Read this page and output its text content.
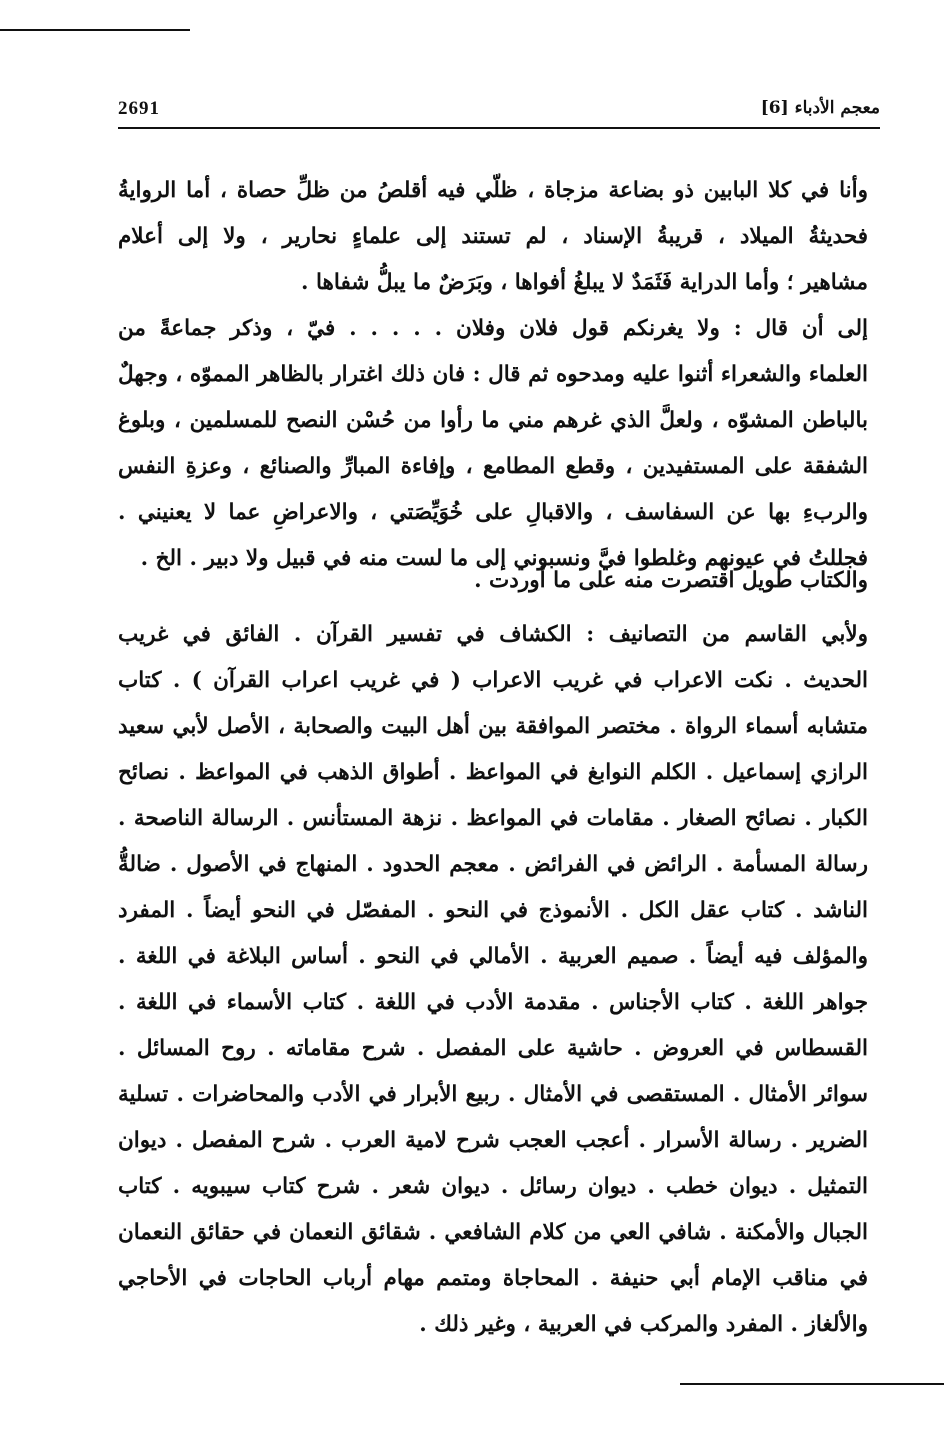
معجم الأدباء [6]
2691
وأنا في كلا البابين ذو بضاعة مزجاة ، ظلّي فيه أقلصُ من ظلِّ حصاة ، أما الروايةُ
فحديثةُ الميلاد ، قريبةُ الإسناد ، لم تستند إلى علماءٍ نحارير ، ولا إلى أعلام
مشاهير ؛ وأما الدراية فَثَمَدٌ لا يبلغُ أفواها ، وبَرَضٌ ما يبلُّ شفاها .
إلى أن قال : ولا يغرنكم قول فلان وفلان . . . . . فيّ ، وذكر جماعةً من
العلماء والشعراء أثنوا عليه ومدحوه ثم قال : فان ذلك اغترار بالظاهر المموّه ، وجهلٌ
بالباطن المشوّه ، ولعلَّ الذي غرهم مني ما رأوا من حُسْن النصح للمسلمين ، وبلوغ
الشفقة على المستفيدين ، وقطع المطامع ، وإفاءة المبارِّ والصنائع ، وعزةِ النفس
والربءِ بها عن السفاسف ، والاقبالِ على خُوَيِّصَتي ، والاعراضِ عما لا يعنيني .
فجللتُ في عيونهم وغلطوا فيَّ ونسبوني إلى ما لست منه في قبيل ولا دبير . الخ .
والكتاب طويل اقتصرت منه على ما أوردت .
ولأبي القاسم من التصانيف : الكشاف في تفسير القرآن . الفائق في غريب
الحديث . نكت الاعراب في غريب الاعراب ( في غريب اعراب القرآن ) . كتاب
متشابه أسماء الرواة . مختصر الموافقة بين أهل البيت والصحابة ، الأصل لأبي سعيد
الرازي إسماعيل . الكلم النوابغ في المواعظ . أطواق الذهب في المواعظ . نصائح
الكبار . نصائح الصغار . مقامات في المواعظ . نزهة المستأنس . الرسالة الناصحة .
رسالة المسأمة . الرائض في الفرائض . معجم الحدود . المنهاج في الأصول . ضالةُّ
الناشد . كتاب عقل الكل . الأنموذج في النحو . المفصّل في النحو أيضاً . المفرد
والمؤلف فيه أيضاً . صميم العربية . الأمالي في النحو . أساس البلاغة في اللغة .
جواهر اللغة . كتاب الأجناس . مقدمة الأدب في اللغة . كتاب الأسماء في اللغة .
القسطاس في العروض . حاشية على المفصل . شرح مقاماته . روح المسائل .
سوائر الأمثال . المستقصى في الأمثال . ربيع الأبرار في الأدب والمحاضرات . تسلية
الضرير . رسالة الأسرار . أعجب العجب شرح لامية العرب . شرح المفصل . ديوان
التمثيل . ديوان خطب . ديوان رسائل . ديوان شعر . شرح كتاب سيبويه . كتاب
الجبال والأمكنة . شافي العي من كلام الشافعي . شقائق النعمان في حقائق النعمان
في مناقب الإمام أبي حنيفة . المحاجاة ومتمم مهام أرباب الحاجات في الأحاجي
والألغاز . المفرد والمركب في العربية ، وغير ذلك .
